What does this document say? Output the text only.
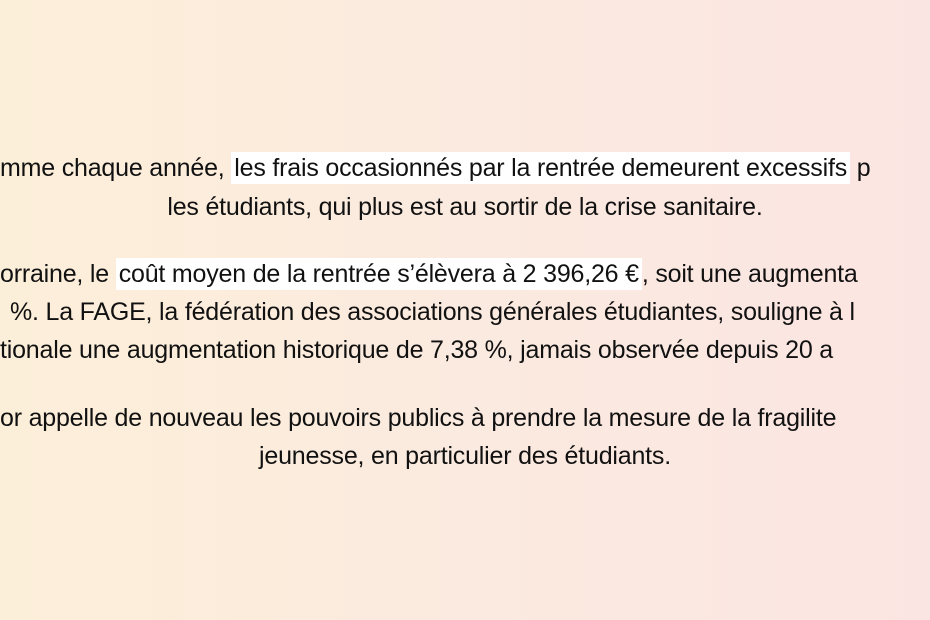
mme chaque année, les frais occasionnés par la rentrée demeurent excessifs p
les étudiants, qui plus est au sortir de la crise sanitaire.
orraine, le coût moyen de la rentrée s’élèvera à 2 396,26 € , soit une augmenta
%. La FAGE, la fédération des associations générales étudiantes, souligne à l
tionale une augmentation historique de 7,38 %, jamais observée depuis 20 a
or appelle de nouveau les pouvoirs publics à prendre la mesure de la fragilite
jeunesse, en particulier des étudiants.
